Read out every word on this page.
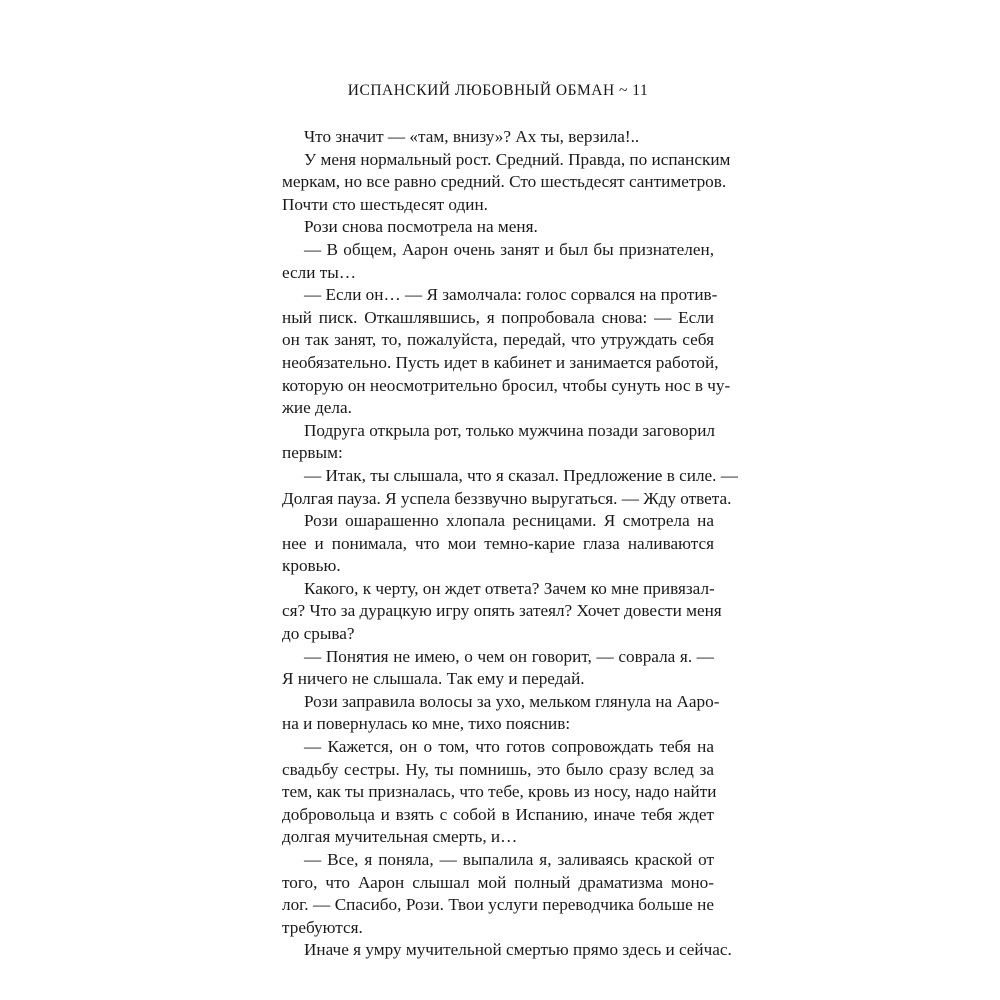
ИСПАНСКИЙ ЛЮБОВНЫЙ ОБМАН ~ 11
Что значит — «там, внизу»? Ах ты, верзила!..
У меня нормальный рост. Средний. Правда, по испанским
меркам, но все равно средний. Сто шестьдесят сантиметров.
Почти сто шестьдесят один.
Рози снова посмотрела на меня.
— В общем, Аарон очень занят и был бы признателен,
если ты…
— Если он… — Я замолчала: голос сорвался на против-
ный писк. Откашлявшись, я попробовала снова: — Если
он так занят, то, пожалуйста, передай, что утруждать себя
необязательно. Пусть идет в кабинет и занимается работой,
которую он неосмотрительно бросил, чтобы сунуть нос в чу-
жие дела.
Подруга открыла рот, только мужчина позади заговорил
первым:
— Итак, ты слышала, что я сказал. Предложение в силе. —
Долгая пауза. Я успела беззвучно выругаться. — Жду ответа.
Рози ошарашенно хлопала ресницами. Я смотрела на
нее и понимала, что мои темно-карие глаза наливаются
кровью.
Какого, к черту, он ждет ответа? Зачем ко мне привязал-
ся? Что за дурацкую игру опять затеял? Хочет довести меня
до срыва?
— Понятия не имею, о чем он говорит, — соврала я. —
Я ничего не слышала. Так ему и передай.
Рози заправила волосы за ухо, мельком глянула на Аaро-
на и повернулась ко мне, тихо пояснив:
— Кажется, он о том, что готов сопровождать тебя на
свадьбу сестры. Ну, ты помнишь, это было сразу вслед за
тем, как ты призналась, что тебе, кровь из носу, надо найти
добровольца и взять с собой в Испанию, иначе тебя ждет
долгая мучительная смерть, и…
— Все, я поняла, — выпалила я, заливаясь краской от
того, что Аарон слышал мой полный драматизма моно-
лог. — Спасибо, Рози. Твои услуги переводчика больше не
требуются.
Иначе я умру мучительной смертью прямо здесь и сейчас.
